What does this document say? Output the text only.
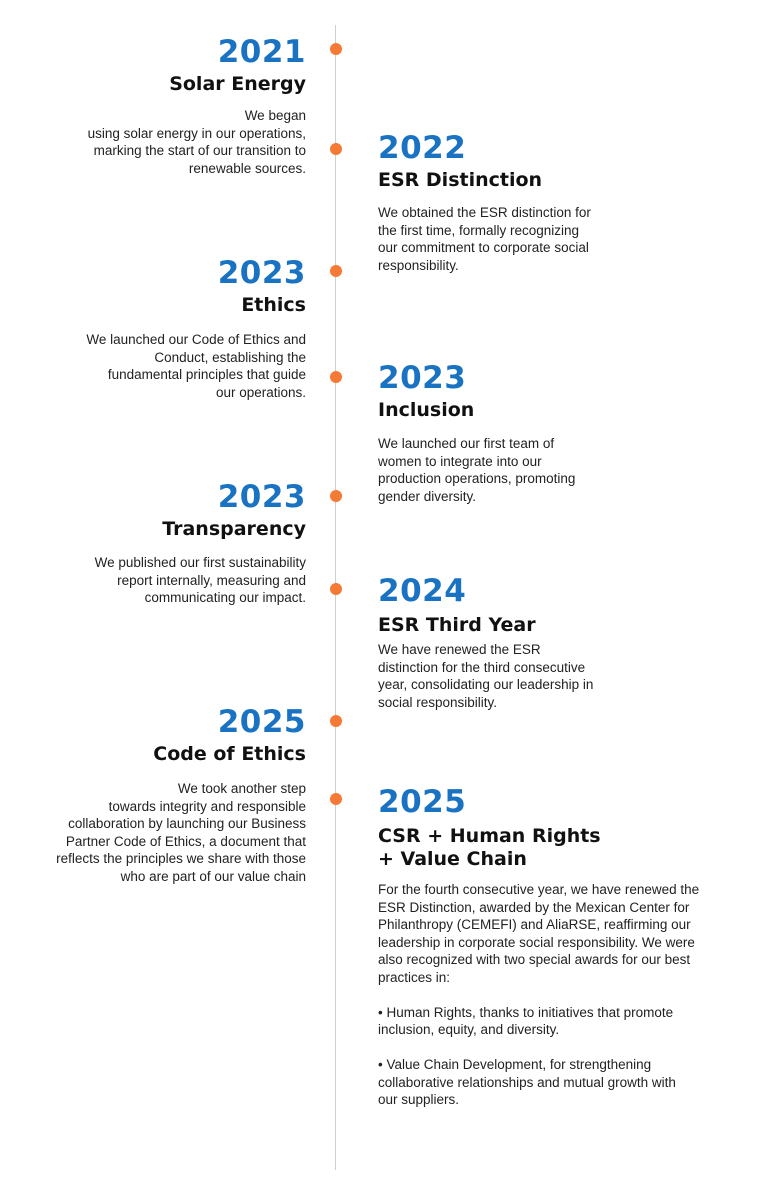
2021
Solar Energy
We began
using solar energy in our operations,
marking the start of our transition to
renewable sources.
2022
ESR Distinction
We obtained the ESR distinction for
the first time, formally recognizing
our commitment to corporate social
responsibility.
2023
Ethics
We launched our Code of Ethics and
Conduct, establishing the
fundamental principles that guide
our operations. 2023
Inclusion
We launched our first team of
women to integrate into our
production operations, promoting
gender diversity.
2023
Transparency
We published our first sustainability
report internally, measuring and
communicating our impact. 2024
ESR Third Year
We have renewed the ESR
distinction for the third consecutive
year, consolidating our leadership in
social responsibility.
2025
Code of Ethics
We took another step
towards integrity and responsible
collaboration by launching our Business
Partner Code of Ethics, a document that
reflects the principles we share with those
who are part of our value chain
2025
CSR + Human Rights
+ Value Chain
For the fourth consecutive year, we have renewed the
ESR Distinction, awarded by the Mexican Center for
Philanthropy (CEMEFI) and AliaRSE, reaffirming our
leadership in corporate social responsibility. We were
also recognized with two special awards for our best
practices in:

• Human Rights, thanks to initiatives that promote
inclusion, equity, and diversity.

• Value Chain Development, for strengthening
collaborative relationships and mutual growth with
our suppliers.
